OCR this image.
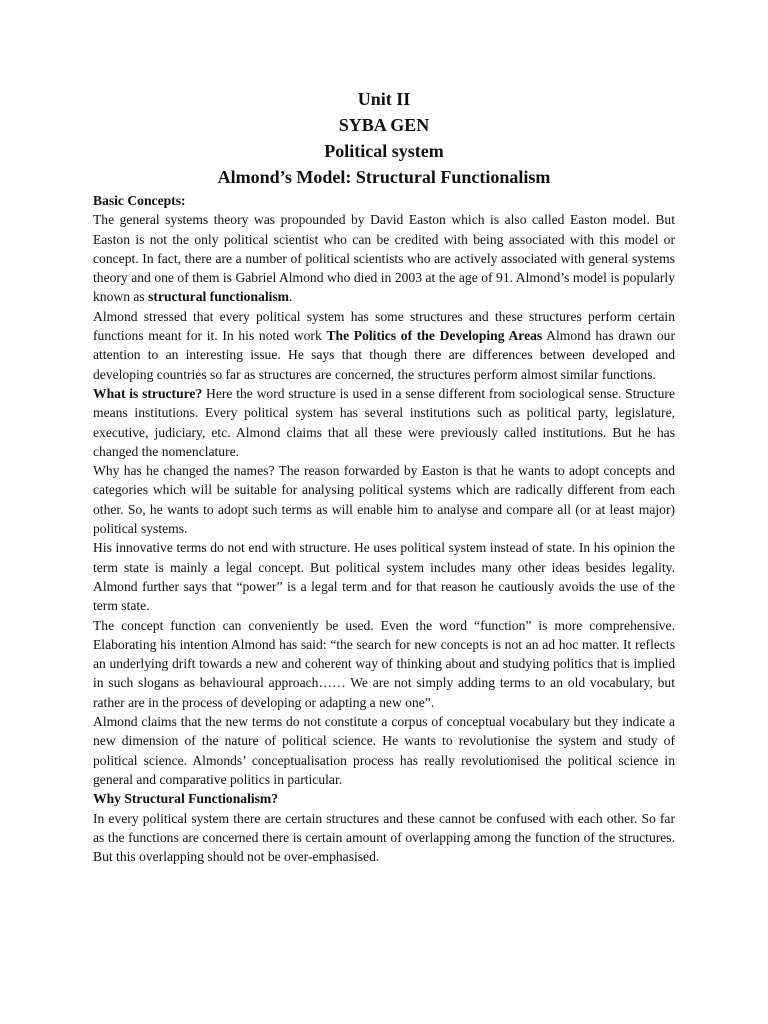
Unit II
SYBA GEN
Political system
Almond’s Model: Structural Functionalism

Basic Concepts:

The general systems theory was propounded by David Easton which is also called Easton model. But Easton is not the only political scientist who can be credited with being associated with this model or concept. In fact, there are a number of political scientists who are actively associated with general systems theory and one of them is Gabriel Almond who died in 2003 at the age of 91. Almond’s model is popularly known as structural functionalism.

Almond stressed that every political system has some structures and these structures perform certain functions meant for it. In his noted work The Politics of the Developing Areas Almond has drawn our attention to an interesting issue. He says that though there are differences between developed and developing countries so far as structures are concerned, the structures perform almost similar functions.

What is structure? Here the word structure is used in a sense different from sociological sense. Structure means institutions. Every political system has several institutions such as political party, legislature, executive, judiciary, etc. Almond claims that all these were previously called institutions. But he has changed the nomenclature.

Why has he changed the names? The reason forwarded by Easton is that he wants to adopt concepts and categories which will be suitable for analysing political systems which are radically different from each other. So, he wants to adopt such terms as will enable him to analyse and compare all (or at least major) political systems.

His innovative terms do not end with structure. He uses political system instead of state. In his opinion the term state is mainly a legal concept. But political system includes many other ideas besides legality. Almond further says that “power” is a legal term and for that reason he cautiously avoids the use of the term state.

The concept function can conveniently be used. Even the word “function” is more comprehensive. Elaborating his intention Almond has said: “the search for new concepts is not an ad hoc matter. It reflects an underlying drift towards a new and coherent way of thinking about and studying politics that is implied in such slogans as behavioural approach…… We are not simply adding terms to an old vocabulary, but rather are in the process of developing or adapting a new one”.

Almond claims that the new terms do not constitute a corpus of conceptual vocabulary but they indicate a new dimension of the nature of political science. He wants to revolutionise the system and study of political science. Almonds’ conceptualisation process has really revolutionised the political science in general and comparative politics in particular.

Why Structural Functionalism?

In every political system there are certain structures and these cannot be confused with each other. So far as the functions are concerned there is certain amount of overlapping among the function of the structures. But this overlapping should not be over-emphasised.
